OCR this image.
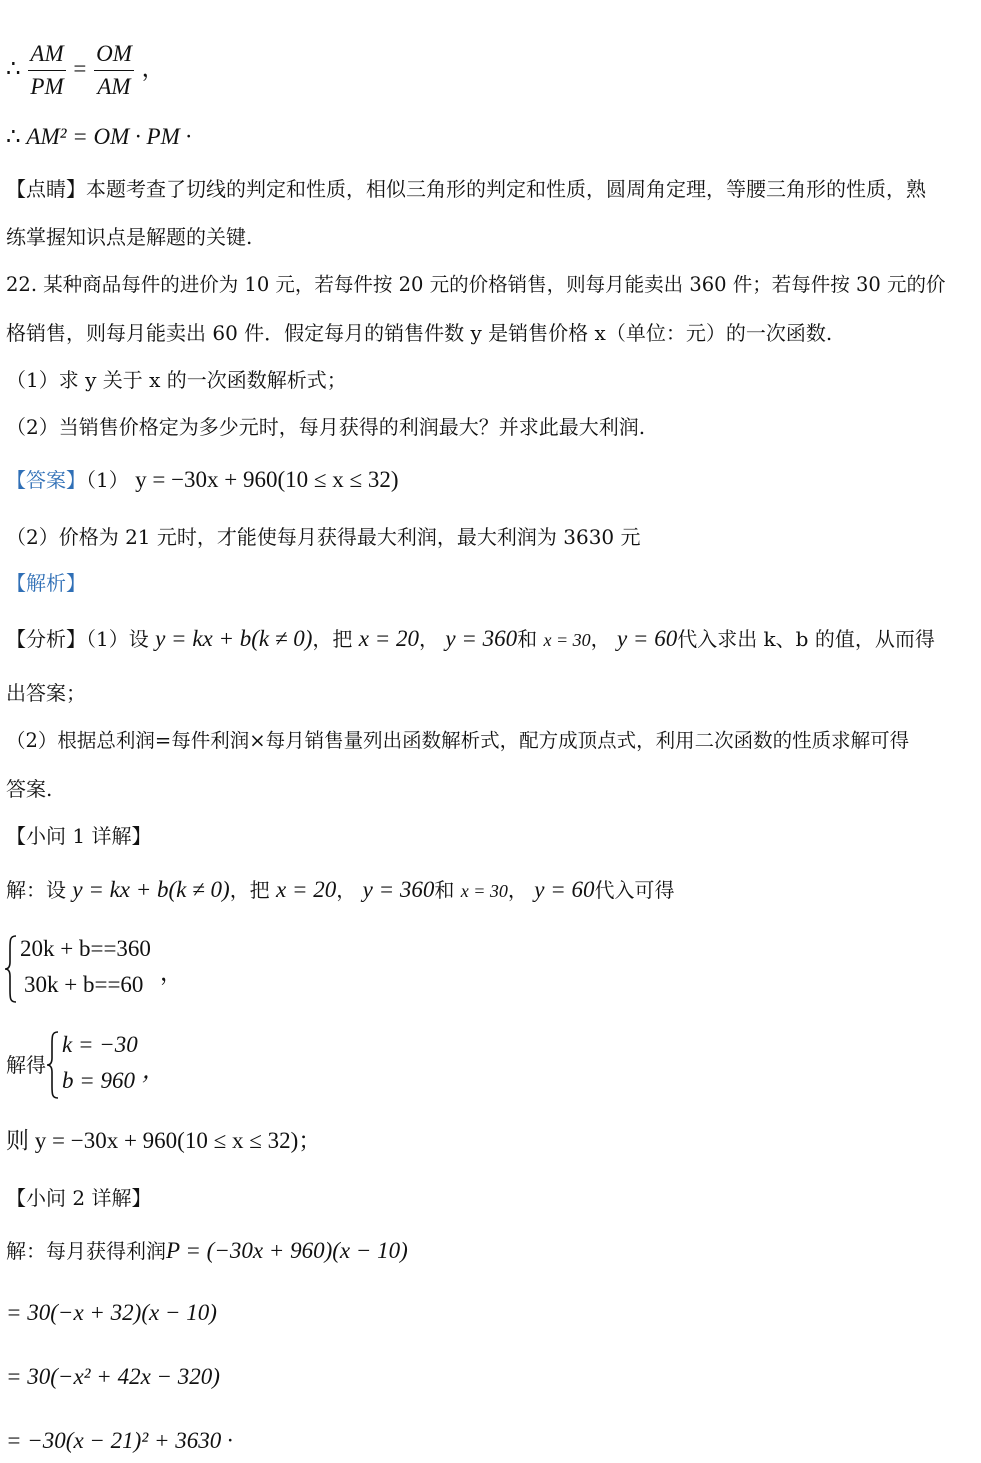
∴ $\frac{AM}{PM} = \frac{OM}{AM}$ ，
∴ AM² = OM · PM ·
【点睛】本题考查了切线的判定和性质，相似三角形的判定和性质，圆周角定理，等腰三角形的性质，熟
练掌握知识点是解题的关键.
22. 某种商品每件的进价为 10 元，若每件按 20 元的价格销售，则每月能卖出 360 件；若每件按 30 元的价
格销售，则每月能卖出 60 件．假定每月的销售件数 y 是销售价格 x（单位：元）的一次函数.
（1）求 y 关于 x 的一次函数解析式；
（2）当销售价格定为多少元时，每月获得的利润最大？并求此最大利润.
【答案】（1） y = −30x + 960(10 ≤ x ≤ 32)
（2）价格为 21 元时，才能使每月获得最大利润，最大利润为 3630 元
【解析】
【分析】（1）设 y = kx + b(k ≠ 0)，把 x = 20， y = 360和 x = 30， y = 60代入求出 k、b 的值，从而得
出答案；
（2）根据总利润=每件利润×每月销售量列出函数解析式，配方成顶点式，利用二次函数的性质求解可得
答案.
【小问 1 详解】
解：设 y = kx + b(k ≠ 0)，把 x = 20， y = 360和 x = 30， y = 60代入可得
20k + b==360
30k + b==60 ，
解得
k = −30
b = 960 ，
则 y = −30x + 960(10 ≤ x ≤ 32)；
【小问 2 详解】
解：每月获得利润P = (−30x + 960)(x − 10)
= 30(−x + 32)(x − 10)
= 30(−x² + 42x − 320)
= −30(x − 21)² + 3630 ·
